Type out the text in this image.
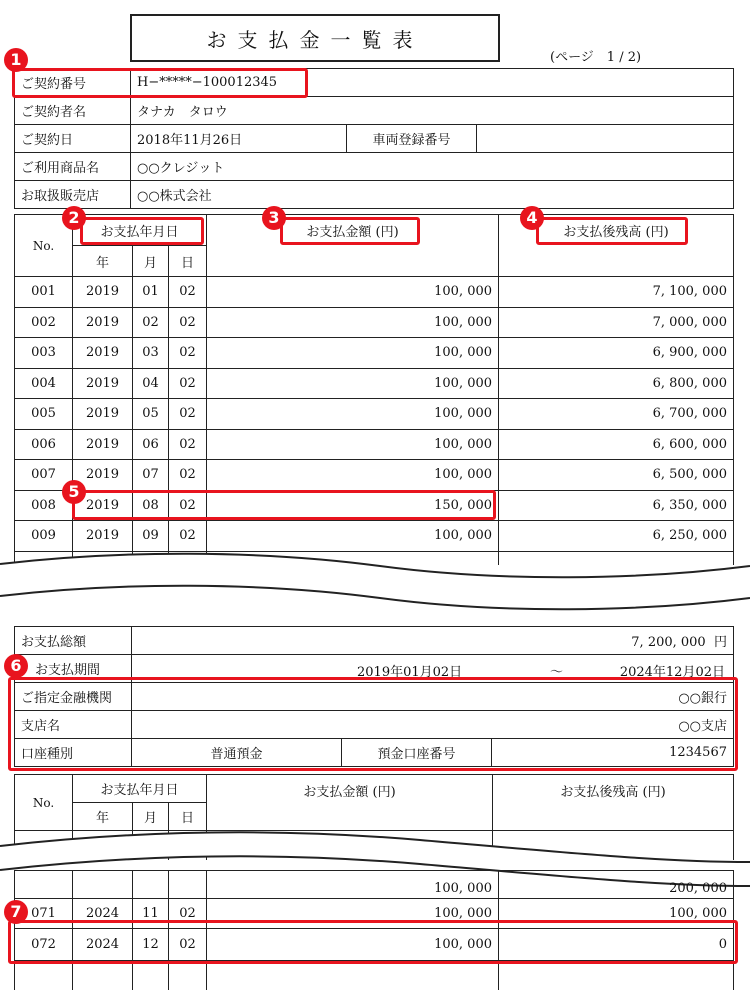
お支払金一覧表
(ページ　1 / 2)
ご契約番号	H−*****−100012345		
ご契約者名	タナカ　タロウ		
ご契約日	2018年11月26日	車両登録番号	
ご利用商品名	○○クレジット		
お取扱販売店	○○株式会社		
No.	お支払年月日			お支払金額 (円)	お支払後残高 (円)
	年	月	日		
001	2019	01	02	100, 000	7, 100, 000
002	2019	02	02	100, 000	7, 000, 000
003	2019	03	02	100, 000	6, 900, 000
004	2019	04	02	100, 000	6, 800, 000
005	2019	05	02	100, 000	6, 700, 000
006	2019	06	02	100, 000	6, 600, 000
007	2019	07	02	100, 000	6, 500, 000
008	2019	08	02	150, 000	6, 350, 000
009	2019	09	02	100, 000	6, 250, 000

お支払総額	7, 200, 000 円		
お支払期間	2019年01月02日 〜 2024年12月02日		

ご指定金融機関	○○銀行		
支店名	○○支店		
口座種別	普通預金	預金口座番号	1234567
No.	お支払年月日			お支払金額 (円)	お支払後残高 (円)
	年	月	日		

				100, 000	200, 000
071	2024	11	02	100, 000	100, 000
072	2024	12	02	100, 000	0

1
2	3	4
5
6
7
